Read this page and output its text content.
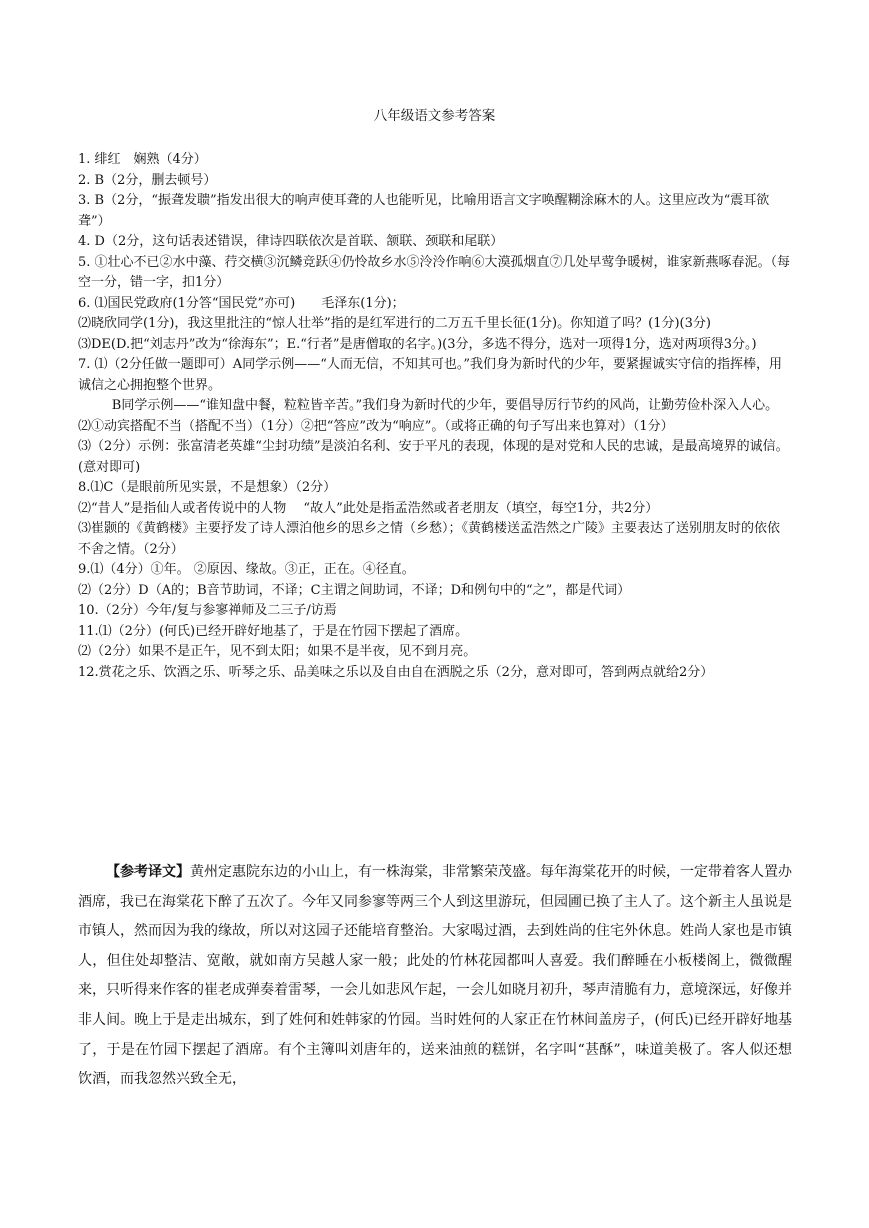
八年级语文参考答案

1. 绯红　娴熟（4分）

2. B（2分，删去顿号）

3. B（2分，“振聋发聩”指发出很大的响声使耳聋的人也能听见，比喻用语言文字唤醒糊涂麻木的人。这里应改为“震耳欲聋”）

4. D（2分，这句话表述错误，律诗四联依次是首联、颔联、颈联和尾联）

5. ①壮心不已②水中藻、荇交横③沉鳞竞跃④仍怜故乡水⑤泠泠作响⑥大漠孤烟直⑦几处早莺争暖树，谁家新燕啄春泥。（每空一分，错一字，扣1分）

6. ⑴国民党政府(1分答“国民党”亦可)　　毛泽东(1分)；

⑵晓欣同学(1分)，我这里批注的“惊人壮举”指的是红军进行的二万五千里长征(1分)。你知道了吗？(1分)(3分)

⑶DE(D.把“刘志丹”改为“徐海东”；E.“行者”是唐僧取的名字。)(3分，多选不得分，选对一项得1分，选对两项得3分。)

7. ⑴（2分任做一题即可）A同学示例——“人而无信，不知其可也。”我们身为新时代的少年，要紧握诚实守信的指挥棒，用诚信之心拥抱整个世界。

B同学示例——“谁知盘中餐，粒粒皆辛苦。”我们身为新时代的少年，要倡导厉行节约的风尚，让勤劳俭朴深入人心。

⑵①动宾搭配不当（搭配不当）（1分）②把“答应”改为“响应”。（或将正确的句子写出来也算对）（1分）

⑶（2分）示例：张富清老英雄“尘封功绩”是淡泊名利、安于平凡的表现，体现的是对党和人民的忠诚，是最高境界的诚信。(意对即可)

8.⑴C（是眼前所见实景，不是想象）（2分）

⑵“昔人”是指仙人或者传说中的人物　 “故人”此处是指孟浩然或者老朋友（填空，每空1分，共2分）

⑶崔颢的《黄鹤楼》主要抒发了诗人漂泊他乡的思乡之情（乡愁）；《黄鹤楼送孟浩然之广陵》主要表达了送别朋友时的依依不舍之情。（2分）

9.⑴（4分）①年。 ②原因、缘故。③正，正在。④径直。

⑵（2分）D（A的；B音节助词，不译；C主谓之间助词，不译；D和例句中的“之”，都是代词）

10.（2分）今年/复与参寥禅师及二三子/访焉

11.⑴（2分）(何氏)已经开辟好地基了，于是在竹园下摆起了酒席。

⑵（2分）如果不是正午，见不到太阳；如果不是半夜，见不到月亮。

12.赏花之乐、饮酒之乐、听琴之乐、品美味之乐以及自由自在洒脱之乐（2分，意对即可，答到两点就给2分）

【参考译文】黄州定惠院东边的小山上，有一株海棠，非常繁荣茂盛。每年海棠花开的时候，一定带着客人置办酒席，我已在海棠花下醉了五次了。今年又同参寥等两三个人到这里游玩，但园圃已换了主人了。这个新主人虽说是市镇人，然而因为我的缘故，所以对这园子还能培育整治。大家喝过酒，去到姓尚的住宅外休息。姓尚人家也是市镇人，但住处却整洁、宽敞，就如南方吴越人家一般；此处的竹林花园都叫人喜爱。我们醉睡在小板楼阁上，微微醒来，只听得来作客的崔老成弹奏着雷琴，一会儿如悲风乍起，一会儿如晓月初升，琴声清脆有力，意境深远，好像并非人间。晚上于是走出城东，到了姓何和姓韩家的竹园。当时姓何的人家正在竹林间盖房子，(何氏)已经开辟好地基了，于是在竹园下摆起了酒席。有个主簿叫刘唐年的，送来油煎的糕饼，名字叫“甚酥”，味道美极了。客人似还想饮酒，而我忽然兴致全无，
